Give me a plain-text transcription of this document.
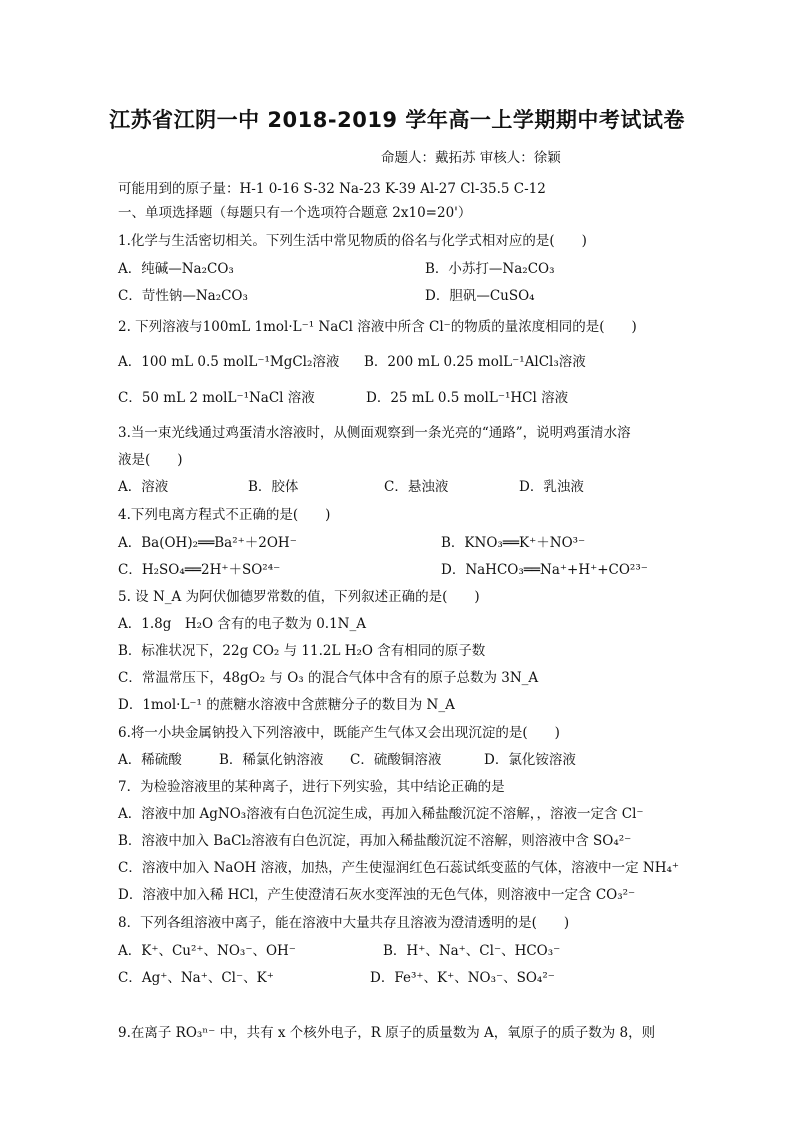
江苏省江阴一中 2018-2019 学年高一上学期期中考试试卷
命题人：戴拓苏 审核人：徐颖
可能用到的原子量：H-1 0-16 S-32 Na-23 K-39 Al-27 Cl-35.5 C-12
一、单项选择题（每题只有一个选项符合题意 2x10=20'）
1.化学与生活密切相关。下列生活中常见物质的俗名与化学式相对应的是(　　)
A．纯碱—Na₂CO₃	B．小苏打—Na₂CO₃
C．苛性钠—Na₂CO₃	D．胆矾—CuSO₄
2. 下列溶液与100mL 1mol·L⁻¹ NaCl 溶液中所含 Cl⁻的物质的量浓度相同的是(　　)
A．100 mL 0.5 molL⁻¹MgCl₂溶液 B．200 mL 0.25 molL⁻¹AlCl₃溶液
C．50 mL 2 molL⁻¹NaCl 溶液	D．25 mL 0.5 molL⁻¹HCl 溶液
3.当一束光线通过鸡蛋清水溶液时，从侧面观察到一条光亮的“通路”，说明鸡蛋清水溶
液是(　　)
A．溶液	B．胶体	C．悬浊液	D．乳浊液
4.下列电离方程式不正确的是(　　)
A．Ba(OH)₂══Ba²⁺＋2OH⁻	B．KNO₃══K⁺＋NO³⁻
C．H₂SO₄══2H⁺＋SO²⁴⁻	D．NaHCO₃══Na⁺+H⁺+CO²³⁻
5. 设 N_A 为阿伏伽德罗常数的值，下列叙述正确的是(　　)
A．1.8g　H₂O 含有的电子数为 0.1N_A
B．标准状况下，22g CO₂ 与 11.2L H₂O 含有相同的原子数
C．常温常压下，48gO₂ 与 O₃ 的混合气体中含有的原子总数为 3N_A
D．1mol·L⁻¹ 的蔗糖水溶液中含蔗糖分子的数目为 N_A
6.将一小块金属钠投入下列溶液中，既能产生气体又会出现沉淀的是(　　)
A．稀硫酸	B．稀氯化钠溶液 C．硫酸铜溶液	D．氯化铵溶液
7．为检验溶液里的某种离子，进行下列实验，其中结论正确的是
A．溶液中加 AgNO₃溶液有白色沉淀生成，再加入稀盐酸沉淀不溶解，，溶液一定含 Cl⁻
B．溶液中加入 BaCl₂溶液有白色沉淀，再加入稀盐酸沉淀不溶解，则溶液中含 SO₄²⁻
C．溶液中加入 NaOH 溶液，加热，产生使湿润红色石蕊试纸变蓝的气体，溶液中一定 NH₄⁺
D．溶液中加入稀 HCl，产生使澄清石灰水变浑浊的无色气体，则溶液中一定含 CO₃²⁻
8．下列各组溶液中离子，能在溶液中大量共存且溶液为澄清透明的是(　　)
A．K⁺、Cu²⁺、NO₃⁻、OH⁻	B．H⁺、Na⁺、Cl⁻、HCO₃⁻
C．Ag⁺、Na⁺、Cl⁻、K⁺	D．Fe³⁺、K⁺、NO₃⁻、SO₄²⁻
9.在离子 RO₃ⁿ⁻ 中，共有 x 个核外电子，R 原子的质量数为 A，氧原子的质子数为 8，则
